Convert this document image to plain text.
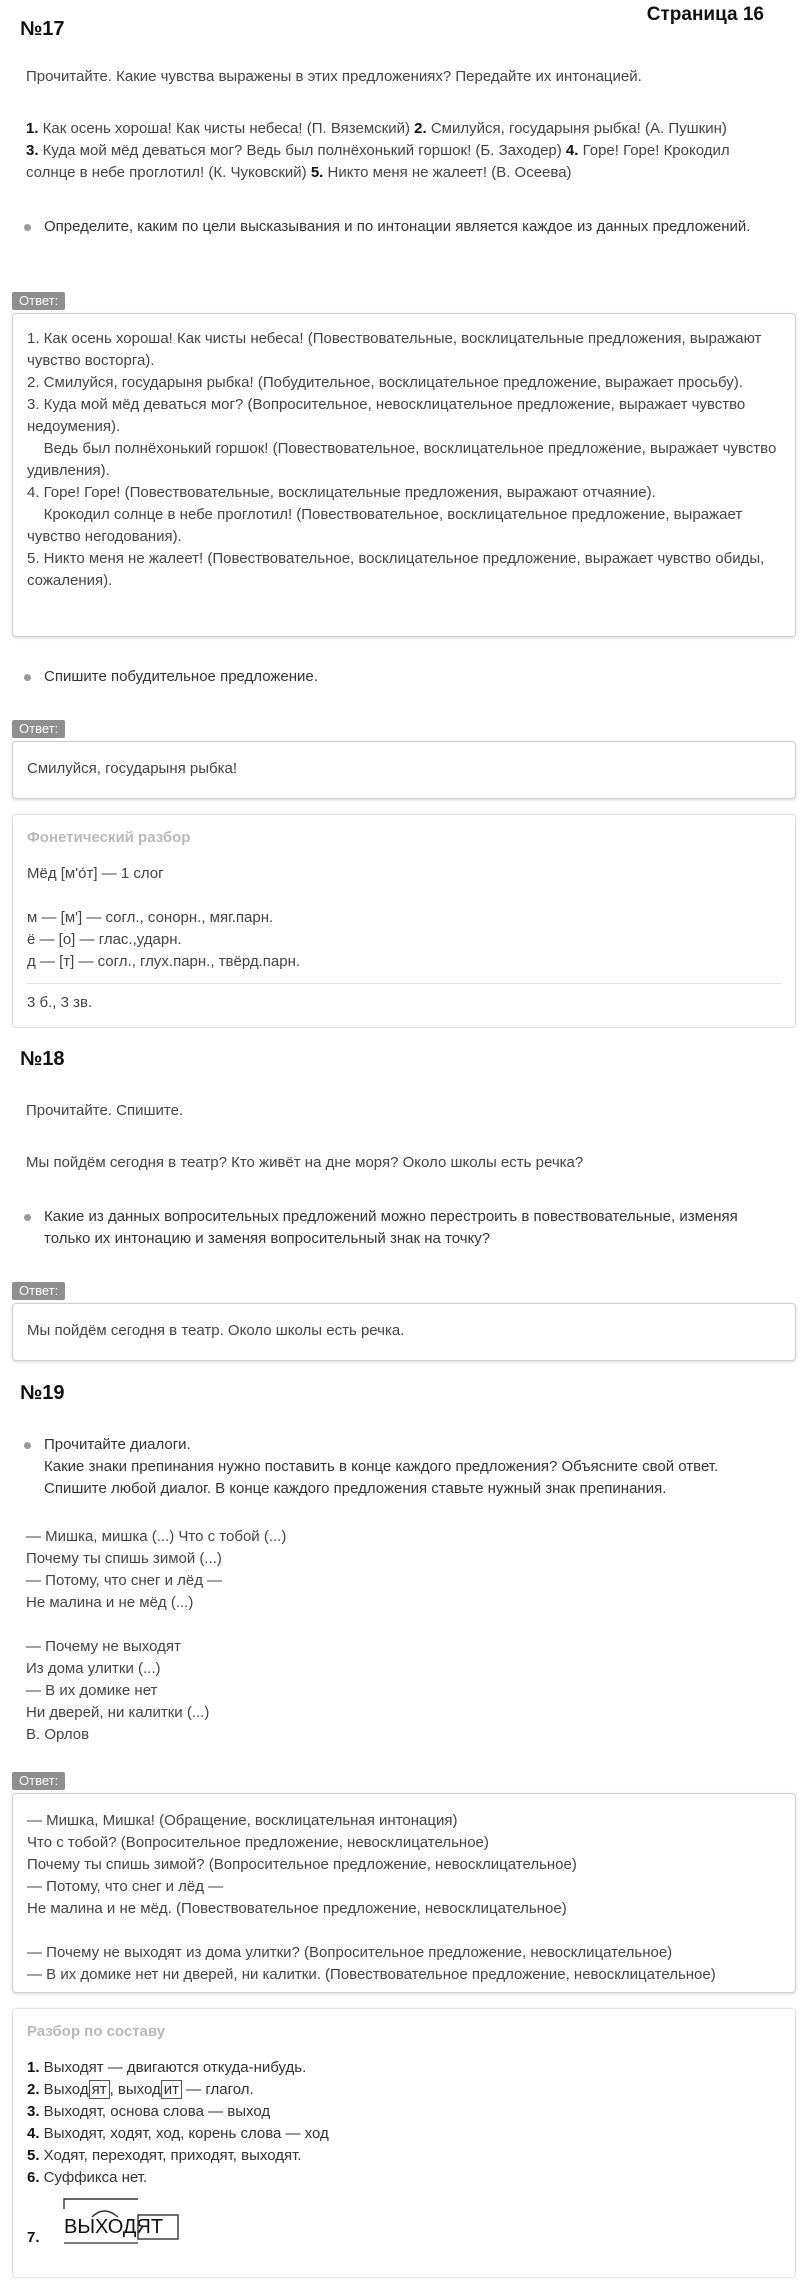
Страница 16
№17
Прочитайте. Какие чувства выражены в этих предложениях? Передайте их интонацией.
1. Как осень хороша! Как чисты небеса! (П. Вяземский) 2. Смилуйся, государыня рыбка! (А. Пушкин)
3. Куда мой мёд деваться мог? Ведь был полнёхонький горшок! (Б. Заходер) 4. Горе! Горе! Крокодил солнце в небе проглотил! (К. Чуковский) 5. Никто меня не жалеет! (В. Осеева)
Определите, каким по цели высказывания и по интонации является каждое из данных предложений.
Ответ:
1. Как осень хороша! Как чисты небеса! (Повествовательные, восклицательные предложения, выражают чувство восторга).
2. Смилуйся, государыня рыбка! (Побудительное, восклицательное предложение, выражает просьбу).
3. Куда мой мёд деваться мог? (Вопросительное, невосклицательное предложение, выражает чувство недоумения).
Ведь был полнёхонький горшок! (Повествовательное, восклицательное предложение, выражает чувство удивления).
4. Горе! Горе! (Повествовательные, восклицательные предложения, выражают отчаяние).
Крокодил солнце в небе проглотил! (Повествовательное, восклицательное предложение, выражает чувство негодования).
5. Никто меня не жалеет! (Повествовательное, восклицательное предложение, выражает чувство обиды, сожаления).
Спишите побудительное предложение.
Ответ:
Смилуйся, государыня рыбка!
Фонетический разбор
Мёд [м'о́т] — 1 слог
м — [м'] — согл., сонорн., мяг.парн.
ё — [о] — глас.,ударн.
д — [т] — согл., глух.парн., твёрд.парн.
3 б., 3 зв.
№18
Прочитайте. Спишите.
Мы пойдём сегодня в театр? Кто живёт на дне моря? Около школы есть речка?
Какие из данных вопросительных предложений можно перестроить в повествовательные, изменяя только их интонацию и заменяя вопросительный знак на точку?
Ответ:
Мы пойдём сегодня в театр. Около школы есть речка.
№19
Прочитайте диалоги.
Какие знаки препинания нужно поставить в конце каждого предложения? Объясните свой ответ.
Спишите любой диалог. В конце каждого предложения ставьте нужный знак препинания.
— Мишка, мишка (...) Что с тобой (...)
Почему ты спишь зимой (...)
— Потому, что снег и лёд —
Не малина и не мёд (...)
— Почему не выходят
Из дома улитки (...)
— В их домике нет
Ни дверей, ни калитки (...)
В. Орлов
Ответ:
— Мишка, Мишка! (Обращение, восклицательная интонация)
Что с тобой? (Вопросительное предложение, невосклицательное)
Почему ты спишь зимой? (Вопросительное предложение, невосклицательное)
— Потому, что снег и лёд —
Не малина и не мёд. (Повествовательное предложение, невосклицательное)
— Почему не выходят из дома улитки? (Вопросительное предложение, невосклицательное)
— В их домике нет ни дверей, ни калитки. (Повествовательное предложение, невосклицательное)
Разбор по составу
1. Выходят — двигаются откуда-нибудь.
2. Выход ят , выход ит — глагол.
3. Выходят, основа слова — выход
4. Выходят, ходят, ход, корень слова — ход
5. Ходят, переходят, приходят, выходят.
6. Суффикса нет.
7. ВЫХОДЯТ
